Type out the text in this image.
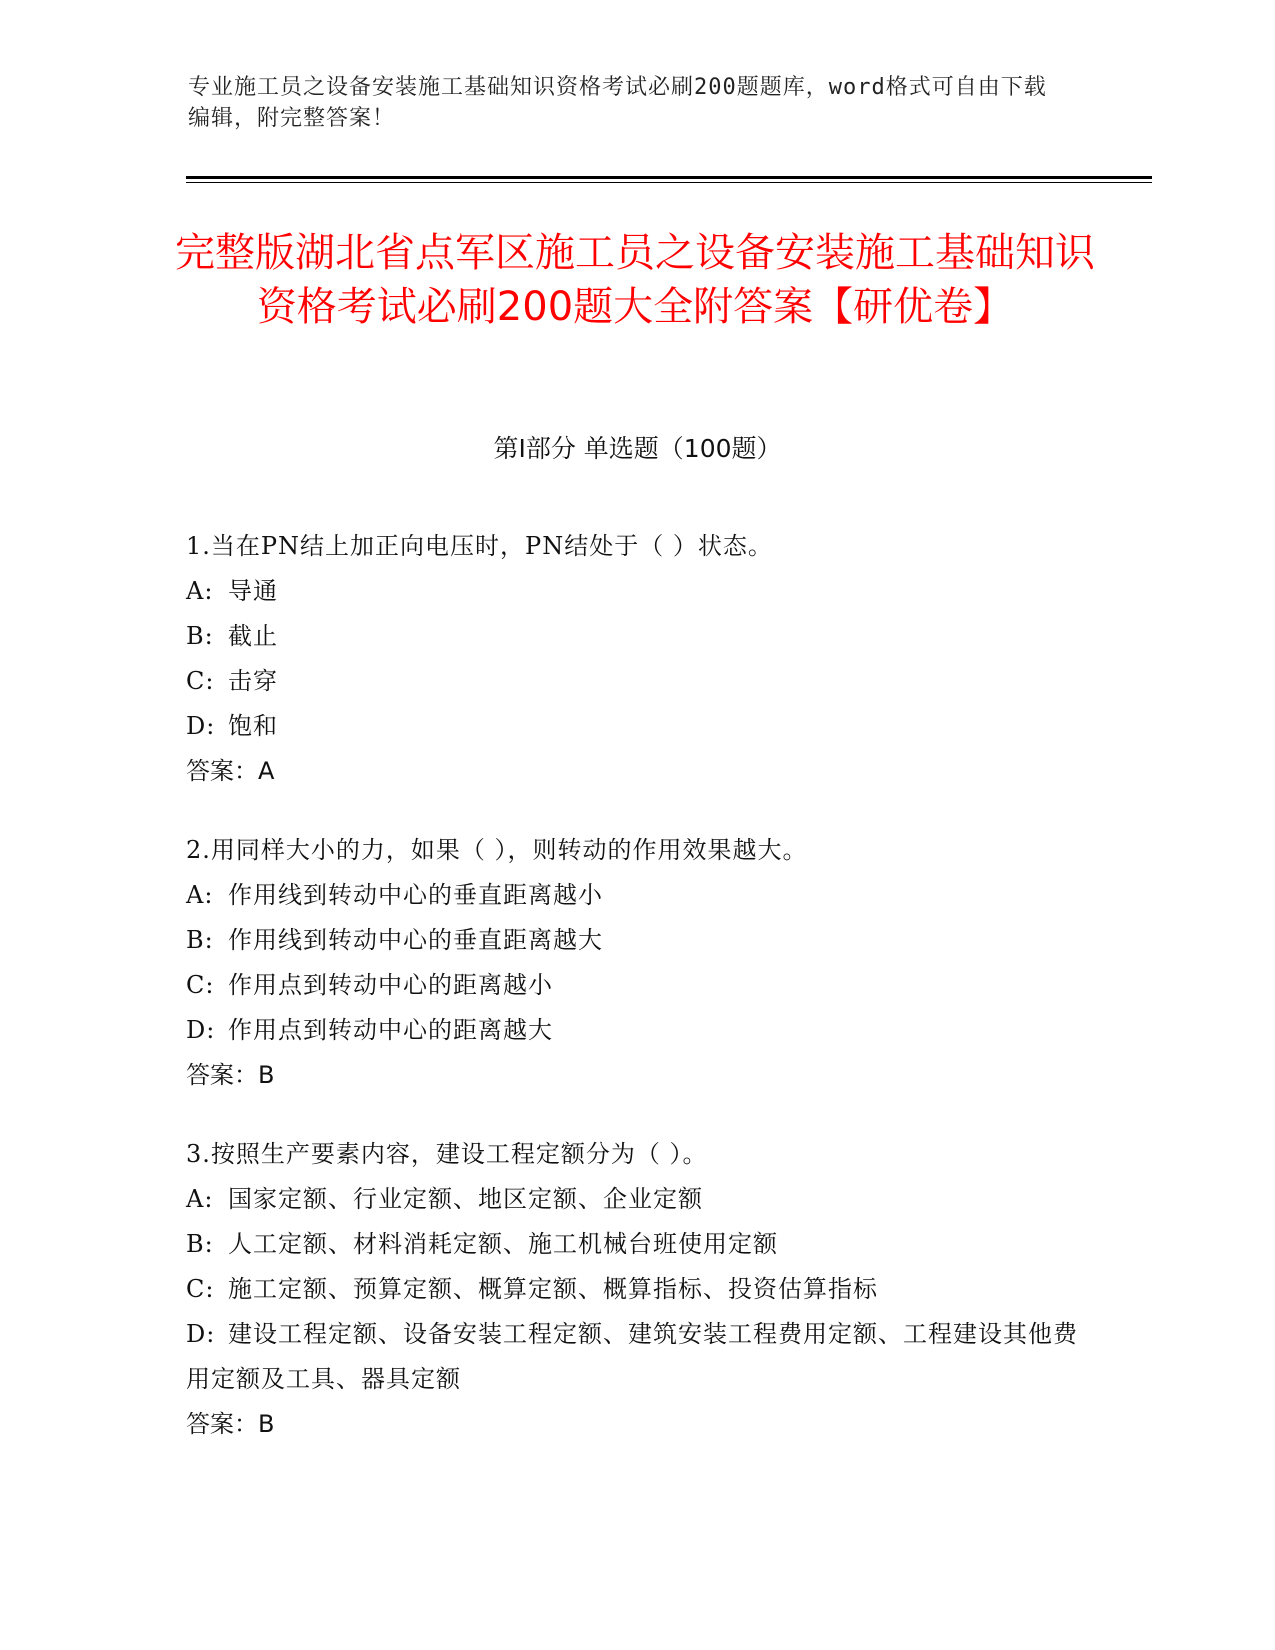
专业施工员之设备安装施工基础知识资格考试必刷200题题库，word格式可自由下载编辑，附完整答案！
完整版湖北省点军区施工员之设备安装施工基础知识资格考试必刷200题大全附答案【研优卷】
第Ⅰ部分 单选题（100题）

1.当在PN结上加正向电压时，PN结处于（ ）状态。

A: 导通

B: 截止

C: 击穿

D: 饱和

答案：A

2.用同样大小的力，如果（ ），则转动的作用效果越大。

A: 作用线到转动中心的垂直距离越小

B: 作用线到转动中心的垂直距离越大

C: 作用点到转动中心的距离越小

D: 作用点到转动中心的距离越大

答案：B

3.按照生产要素内容，建设工程定额分为（ ）。

A: 国家定额、行业定额、地区定额、企业定额

B: 人工定额、材料消耗定额、施工机械台班使用定额

C: 施工定额、预算定额、概算定额、概算指标、投资估算指标

D: 建设工程定额、设备安装工程定额、建筑安装工程费用定额、工程建设其他费用定额及工具、器具定额

答案：B
